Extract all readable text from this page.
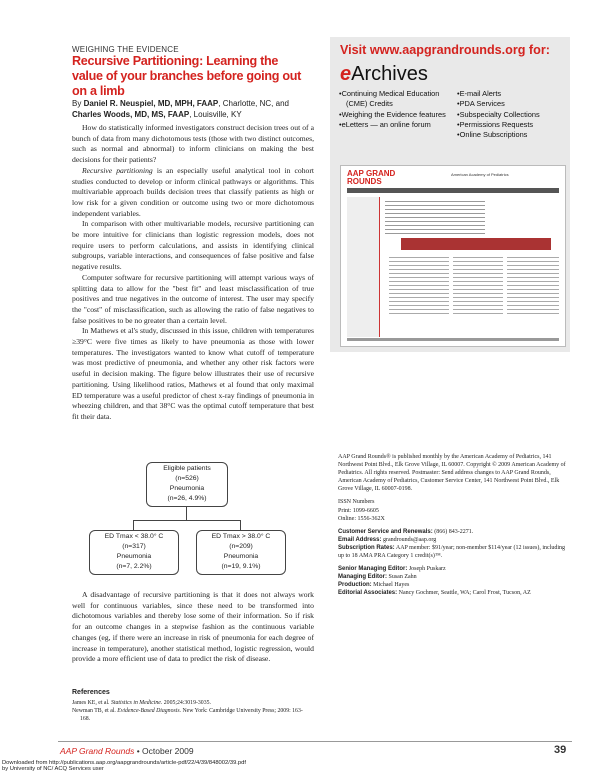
WEIGHING THE EVIDENCE
Recursive Partitioning: Learning the value of your branches before going out on a limb
By Daniel R. Neuspiel, MD, MPH, FAAP, Charlotte, NC, and Charles Woods, MD, MS, FAAP, Louisville, KY

How do statistically informed investigators construct decision trees out of a bunch of data from many dichotomous tests (those with two distinct outcomes, such as normal and abnormal) to inform clinicians on making the best decisions for their patients?

Recursive partitioning is an especially useful analytical tool in cohort studies conducted to develop or inform clinical pathways or algorithms. This multivariable approach builds decision trees that classify patients as high or low risk for a given condition or outcome using two or more dichotomous independent variables.

In comparison with other multivariable models, recursive partitioning can be more intuitive for clinicians than logistic regression models, does not require users to perform calculations, and assists in identifying clinical subgroups, variable interactions, and consequences of false positive and false negative results.

Computer software for recursive partitioning will attempt various ways of splitting data to allow for the "best fit" and least misclassification of true positives and true negatives in the outcome of interest. The user may specify the "cost" of misclassification, such as allowing the ratio of false negatives to false positives to be no greater than a certain level.

In Mathews et al's study, discussed in this issue, children with temperatures ≥39°C were five times as likely to have pneumonia as those with lower temperatures. The investigators wanted to know what cutoff of temperature was most predictive of pneumonia, and whether any other risk factors were useful in decision making. The figure below illustrates their use of recursive partitioning. Using likelihood ratios, Mathews et al found that only maximal ED temperature was a useful predictor of chest x-ray findings of pneumonia in wheezing children, and that 38°C was the optimal cutoff temperature that best fit their data.

Eligible patients
(n=526)
Pneumonia
(n=26, 4.9%)
ED Tmax < 38.0° C
(n=317)
Pneumonia
(n=7, 2.2%)
ED Tmax > 38.0° C
(n=209)
Pneumonia
(n=19, 9.1%)

A disadvantage of recursive partitioning is that it does not always work well for continuous variables, since these need to be transformed into dichotomous variables and thereby lose some of their information. So if risk for an outcome changes in a stepwise fashion as the continuous variable changes (eg, if there were an increase in risk of pneumonia for each degree of increase in temperature), another statistical method, logistic regression, would provide a more efficient use of data to predict the risk of disease.

References
James KE, et al. Statistics in Medicine. 2005;24:3019-3035.
Newman TB, et al. Evidence-Based Diagnosis. New York: Cambridge University Press; 2009: 163-168.
Visit www.aapgrandrounds.org for:
eArchives
• Continuing Medical Education (CME) Credits
• Weighing the Evidence features
• eLetters — an online forum
• E-mail Alerts
• PDA Services
• Subspecialty Collections
• Permissions Requests
• Online Subscriptions
AAP GRAND ROUNDS
American Academy of Pediatrics

AAP Grand Rounds® is published monthly by the American Academy of Pediatrics, 141 Northwest Point Blvd., Elk Grove Village, IL 60007. Copyright © 2009 American Academy of Pediatrics. All rights reserved. Postmaster: Send address changes to AAP Grand Rounds, American Academy of Pediatrics, Customer Service Center, 141 Northwest Point Blvd., Elk Grove Village, IL 60007-0198.

ISSN Numbers
Print: 1099-6605
Online: 1556-362X

Customer Service and Renewals: (866) 843-2271.
Email Address: grandrounds@aap.org
Subscription Rates: AAP member: $91/year; non-member $114/year (12 issues), including up to 18 AMA PRA Category 1 credit(s)™.

Senior Managing Editor: Joseph Puskarz
Managing Editor: Susan Zahn
Production: Michael Hayes
Editorial Associates: Nancy Gochmer, Seattle, WA; Carol Frost, Tucson, AZ

AAP Grand Rounds • October 2009	39
Downloaded from http://publications.aap.org/aapgrandrounds/article-pdf/22/4/39/848002/39.pdf
by University of NC/ ACQ Services user
